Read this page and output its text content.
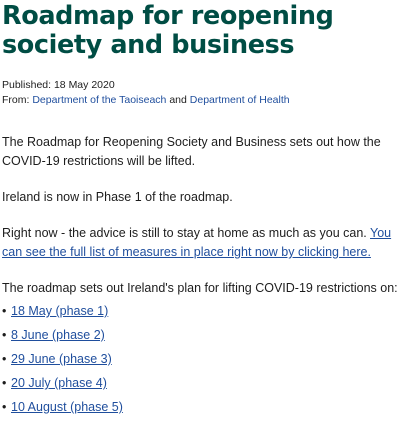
Roadmap for reopening society and business
Published: 18 May 2020
From: Department of the Taoiseach and Department of Health

The Roadmap for Reopening Society and Business sets out how the COVID-19 restrictions will be lifted.

Ireland is now in Phase 1 of the roadmap.

Right now - the advice is still to stay at home as much as you can. You can see the full list of measures in place right now by clicking here.

The roadmap sets out Ireland's plan for lifting COVID-19 restrictions on:

• 18 May (phase 1)
• 8 June (phase 2)
• 29 June (phase 3)
• 20 July (phase 4)
• 10 August (phase 5)
